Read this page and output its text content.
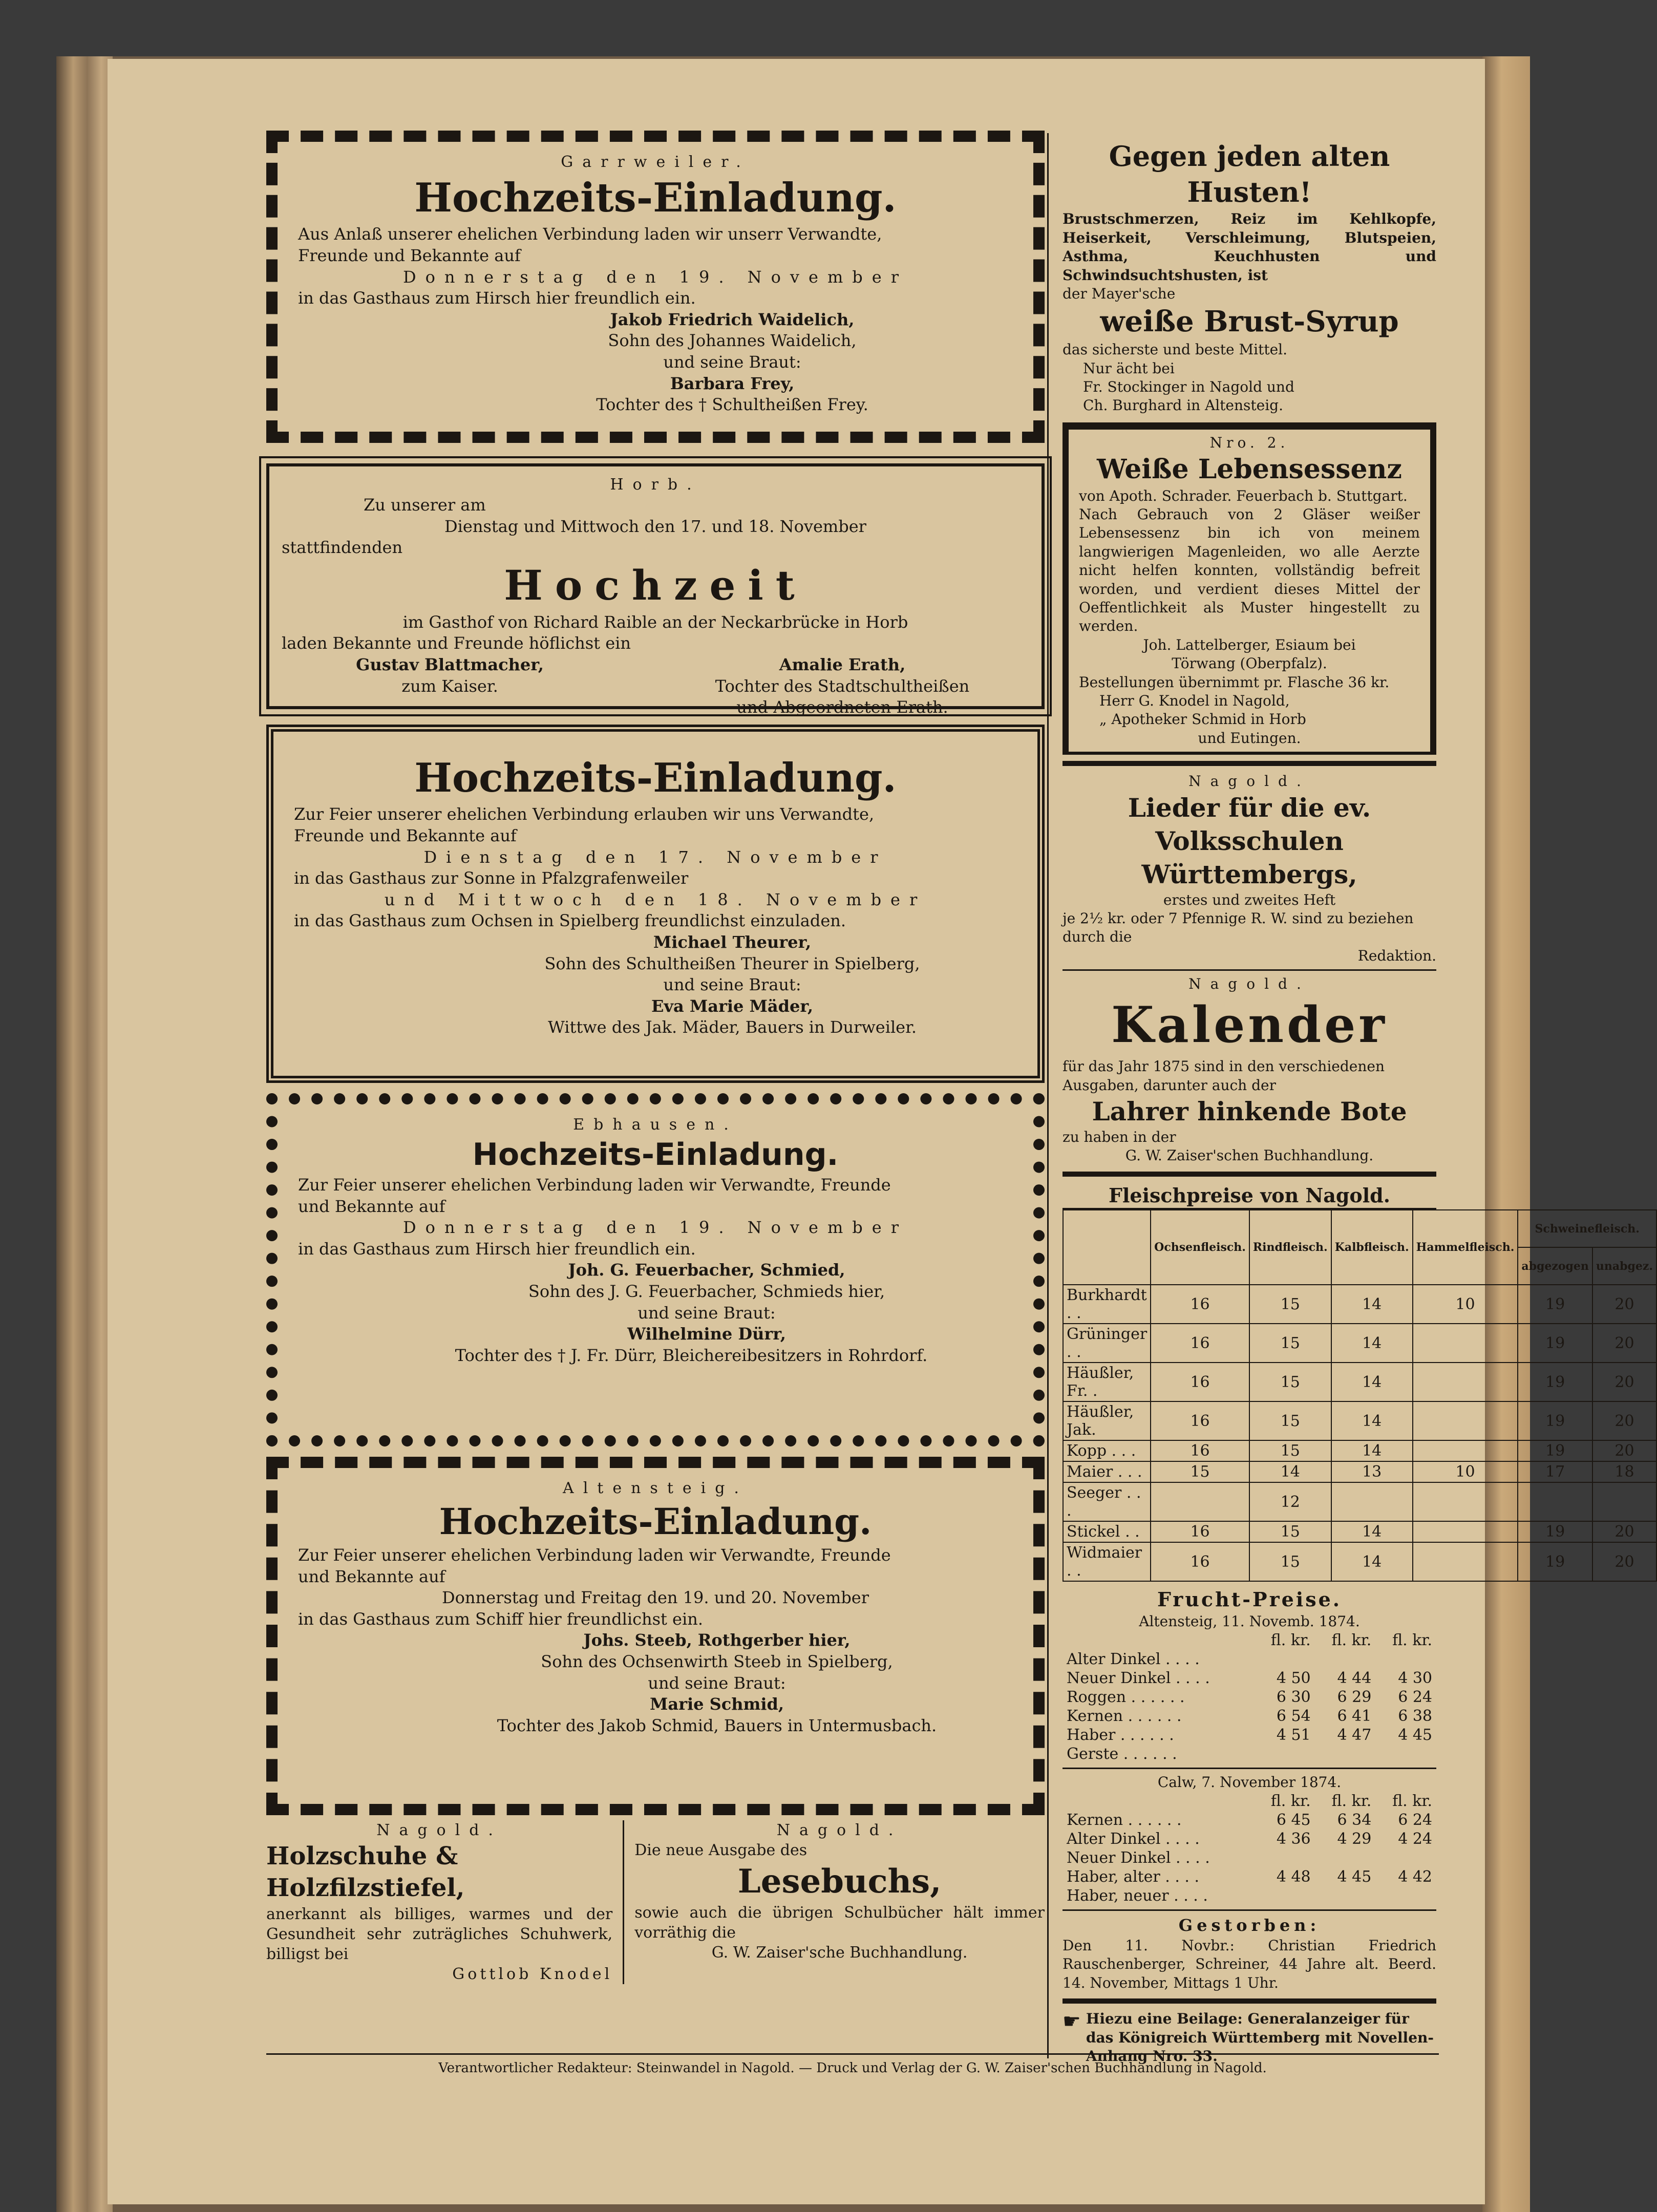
Garrweiler.

Hochzeits-Einladung.

Aus Anlaß unserer ehelichen Verbindung laden wir unserr Verwandte,

Freunde und Bekannte auf

Donnerstag den 19. November

in das Gasthaus zum Hirsch hier freundlich ein.

Jakob Friedrich Waidelich,

Sohn des Johannes Waidelich,

und seine Braut:

Barbara Frey,

Tochter des † Schultheißen Frey.

Horb.

Zu unserer am

Dienstag und Mittwoch den 17. und 18. November

stattfindenden

Hochzeit

im Gasthof von Richard Raible an der Neckarbrücke in Horb

laden Bekannte und Freunde höflichst ein

Gustav Blattmacher,

zum Kaiser.

Amalie Erath,

Tochter des Stadtschultheißen

und Abgeordneten Erath.

Hochzeits-Einladung.

Zur Feier unserer ehelichen Verbindung erlauben wir uns Verwandte,

Freunde und Bekannte auf

Dienstag den 17. November

in das Gasthaus zur Sonne in Pfalzgrafenweiler

und Mittwoch den 18. November

in das Gasthaus zum Ochsen in Spielberg freundlichst einzuladen.

Michael Theurer,

Sohn des Schultheißen Theurer in Spielberg,

und seine Braut:

Eva Marie Mäder,

Wittwe des Jak. Mäder, Bauers in Durweiler.

Ebhausen.

Hochzeits-Einladung.

Zur Feier unserer ehelichen Verbindung laden wir Verwandte, Freunde

und Bekannte auf

Donnerstag den 19. November

in das Gasthaus zum Hirsch hier freundlich ein.

Joh. G. Feuerbacher, Schmied,

Sohn des J. G. Feuerbacher, Schmieds hier,

und seine Braut:

Wilhelmine Dürr,

Tochter des † J. Fr. Dürr, Bleichereibesitzers in Rohrdorf.

Altensteig.

Hochzeits-Einladung.

Zur Feier unserer ehelichen Verbindung laden wir Verwandte, Freunde

und Bekannte auf

Donnerstag und Freitag den 19. und 20. November

in das Gasthaus zum Schiff hier freundlichst ein.

Johs. Steeb, Rothgerber hier,

Sohn des Ochsenwirth Steeb in Spielberg,

und seine Braut:

Marie Schmid,

Tochter des Jakob Schmid, Bauers in Untermusbach.

Nagold.

Holzschuhe & Holzfilzstiefel,

anerkannt als billiges, warmes und der Gesundheit sehr zuträgliches Schuhwerk, billigst bei

Gottlob Knodel

Nagold.

Die neue Ausgabe des

Lesebuchs,

sowie auch die übrigen Schulbücher hält immer vorräthig die

G. W. Zaiser'sche Buchhandlung.

Gegen jeden alten Husten!

Brustschmerzen, Reiz im Kehlkopfe, Heiserkeit, Verschleimung, Blutspeien, Asthma, Keuchhusten und Schwindsuchtshusten, ist

der Mayer'sche

weiße Brust-Syrup

das sicherste und beste Mittel.

Nur ächt bei

Fr. Stockinger in Nagold und

Ch. Burghard in Altensteig.

Nro. 2.

Weiße Lebensessenz

von Apoth. Schrader. Feuerbach b. Stuttgart.

Nach Gebrauch von 2 Gläser weißer Lebensessenz bin ich von meinem langwierigen Magenleiden, wo alle Aerzte nicht helfen konnten, vollständig befreit worden, und verdient dieses Mittel der Oeffentlichkeit als Muster hingestellt zu werden.

Joh. Lattelberger, Esiaum bei

Törwang (Oberpfalz).

Bestellungen übernimmt pr. Flasche 36 kr.

Herr G. Knodel in Nagold,

„ Apotheker Schmid in Horb

und Eutingen.

Nagold.

Lieder für die ev. Volksschulen Württembergs,

erstes und zweites Heft

je 2½ kr. oder 7 Pfennige R. W. sind zu beziehen durch die

Redaktion.

Nagold.

Kalender

für das Jahr 1875 sind in den verschiedenen Ausgaben, darunter auch der

Lahrer hinkende Bote

zu haben in der

G. W. Zaiser'schen Buchhandlung.

Fleischpreise von Nagold.

	Ochsenfleisch.	Rindfleisch.	Kalbfleisch.	Hammelfleisch.	Schweinefleisch.	
					abgezogen	unabgez.
Burkhardt . .	16	15	14	10	19	20
Grüninger . .	16	15	14		19	20
Häußler, Fr. .	16	15	14		19	20
Häußler, Jak.	16	15	14		19	20
Kopp . . .	16	15	14		19	20
Maier . . .	15	14	13	10	17	18
Seeger . . .		12				
Stickel . .	16	15	14		19	20
Widmaier . .	16	15	14		19	20

Frucht-Preise.

Altensteig, 11. Novemb. 1874.

	fl. kr.	fl. kr.	fl. kr.
Alter Dinkel . . . .			
Neuer Dinkel . . . .	4 50	4 44	4 30
Roggen . . . . . .	6 30	6 29	6 24
Kernen . . . . . .	6 54	6 41	6 38
Haber . . . . . .	4 51	4 47	4 45
Gerste . . . . . .			

Calw, 7. November 1874.

	fl. kr.	fl. kr.	fl. kr.
Kernen . . . . . .	6 45	6 34	6 24
Alter Dinkel . . . .	4 36	4 29	4 24
Neuer Dinkel . . . .			
Haber, alter . . . .	4 48	4 45	4 42
Haber, neuer . . . .			

Gestorben:

Den 11. Novbr.: Christian Friedrich Rauschenberger, Schreiner, 44 Jahre alt. Beerd. 14. November, Mittags 1 Uhr.

☛ Hiezu eine Beilage: Generalanzeiger für das Königreich Württemberg mit Novellen-Anhang Nro. 33.

Verantwortlicher Redakteur: Steinwandel in Nagold. — Druck und Verlag der G. W. Zaiser'schen Buchhandlung in Nagold.
